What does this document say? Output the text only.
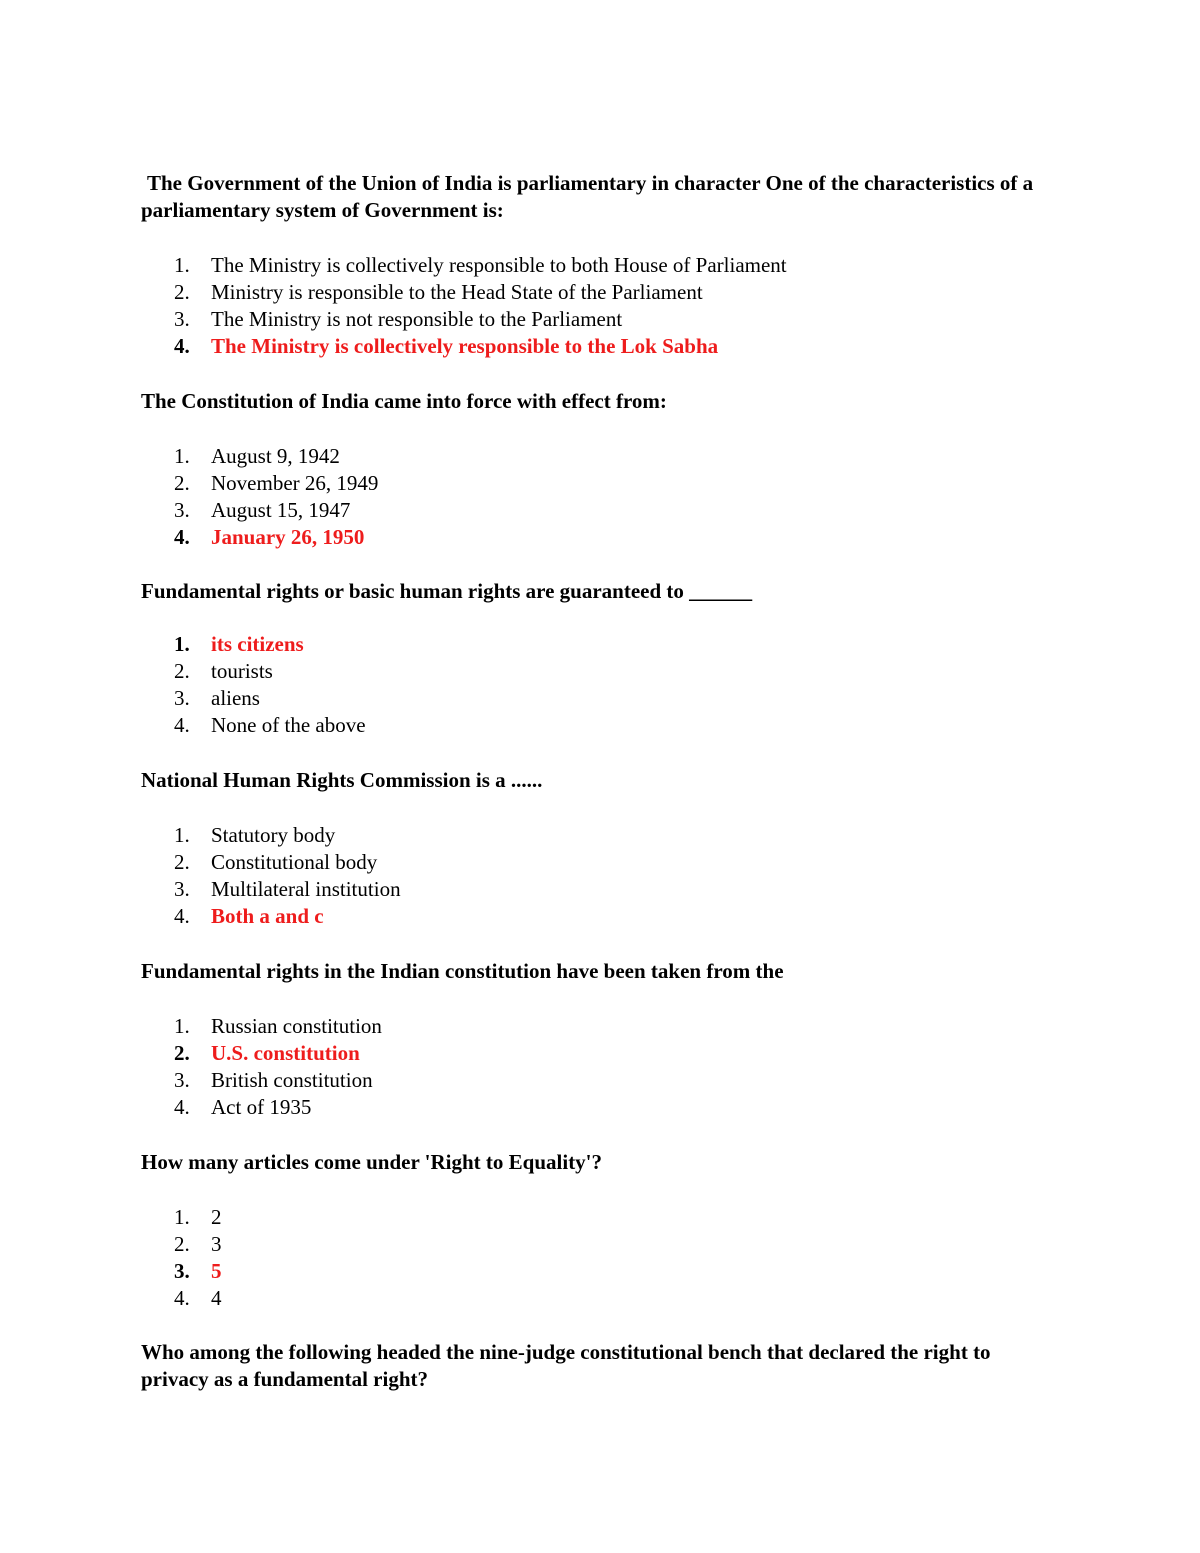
The Government of the Union of India is parliamentary in character One of the characteristics of a parliamentary system of Government is:

1.	The Ministry is collectively responsible to both House of Parliament
2.	Ministry is responsible to the Head State of the Parliament
3.	The Ministry is not responsible to the Parliament
4.	The Ministry is collectively responsible to the Lok Sabha

The Constitution of India came into force with effect from:

1.	August 9, 1942
2.	November 26, 1949
3.	August 15, 1947
4.	January 26, 1950

Fundamental rights or basic human rights are guaranteed to ______

1.	its citizens
2.	tourists
3.	aliens
4.	None of the above

National Human Rights Commission is a ......

1.	Statutory body
2.	Constitutional body
3.	Multilateral institution
4.	Both a and c

Fundamental rights in the Indian constitution have been taken from the

1.	Russian constitution
2.	U.S. constitution
3.	British constitution
4.	Act of 1935

How many articles come under 'Right to Equality'?

1.	2
2.	3
3.	5
4.	4

Who among the following headed the nine-judge constitutional bench that declared the right to privacy as a fundamental right?
